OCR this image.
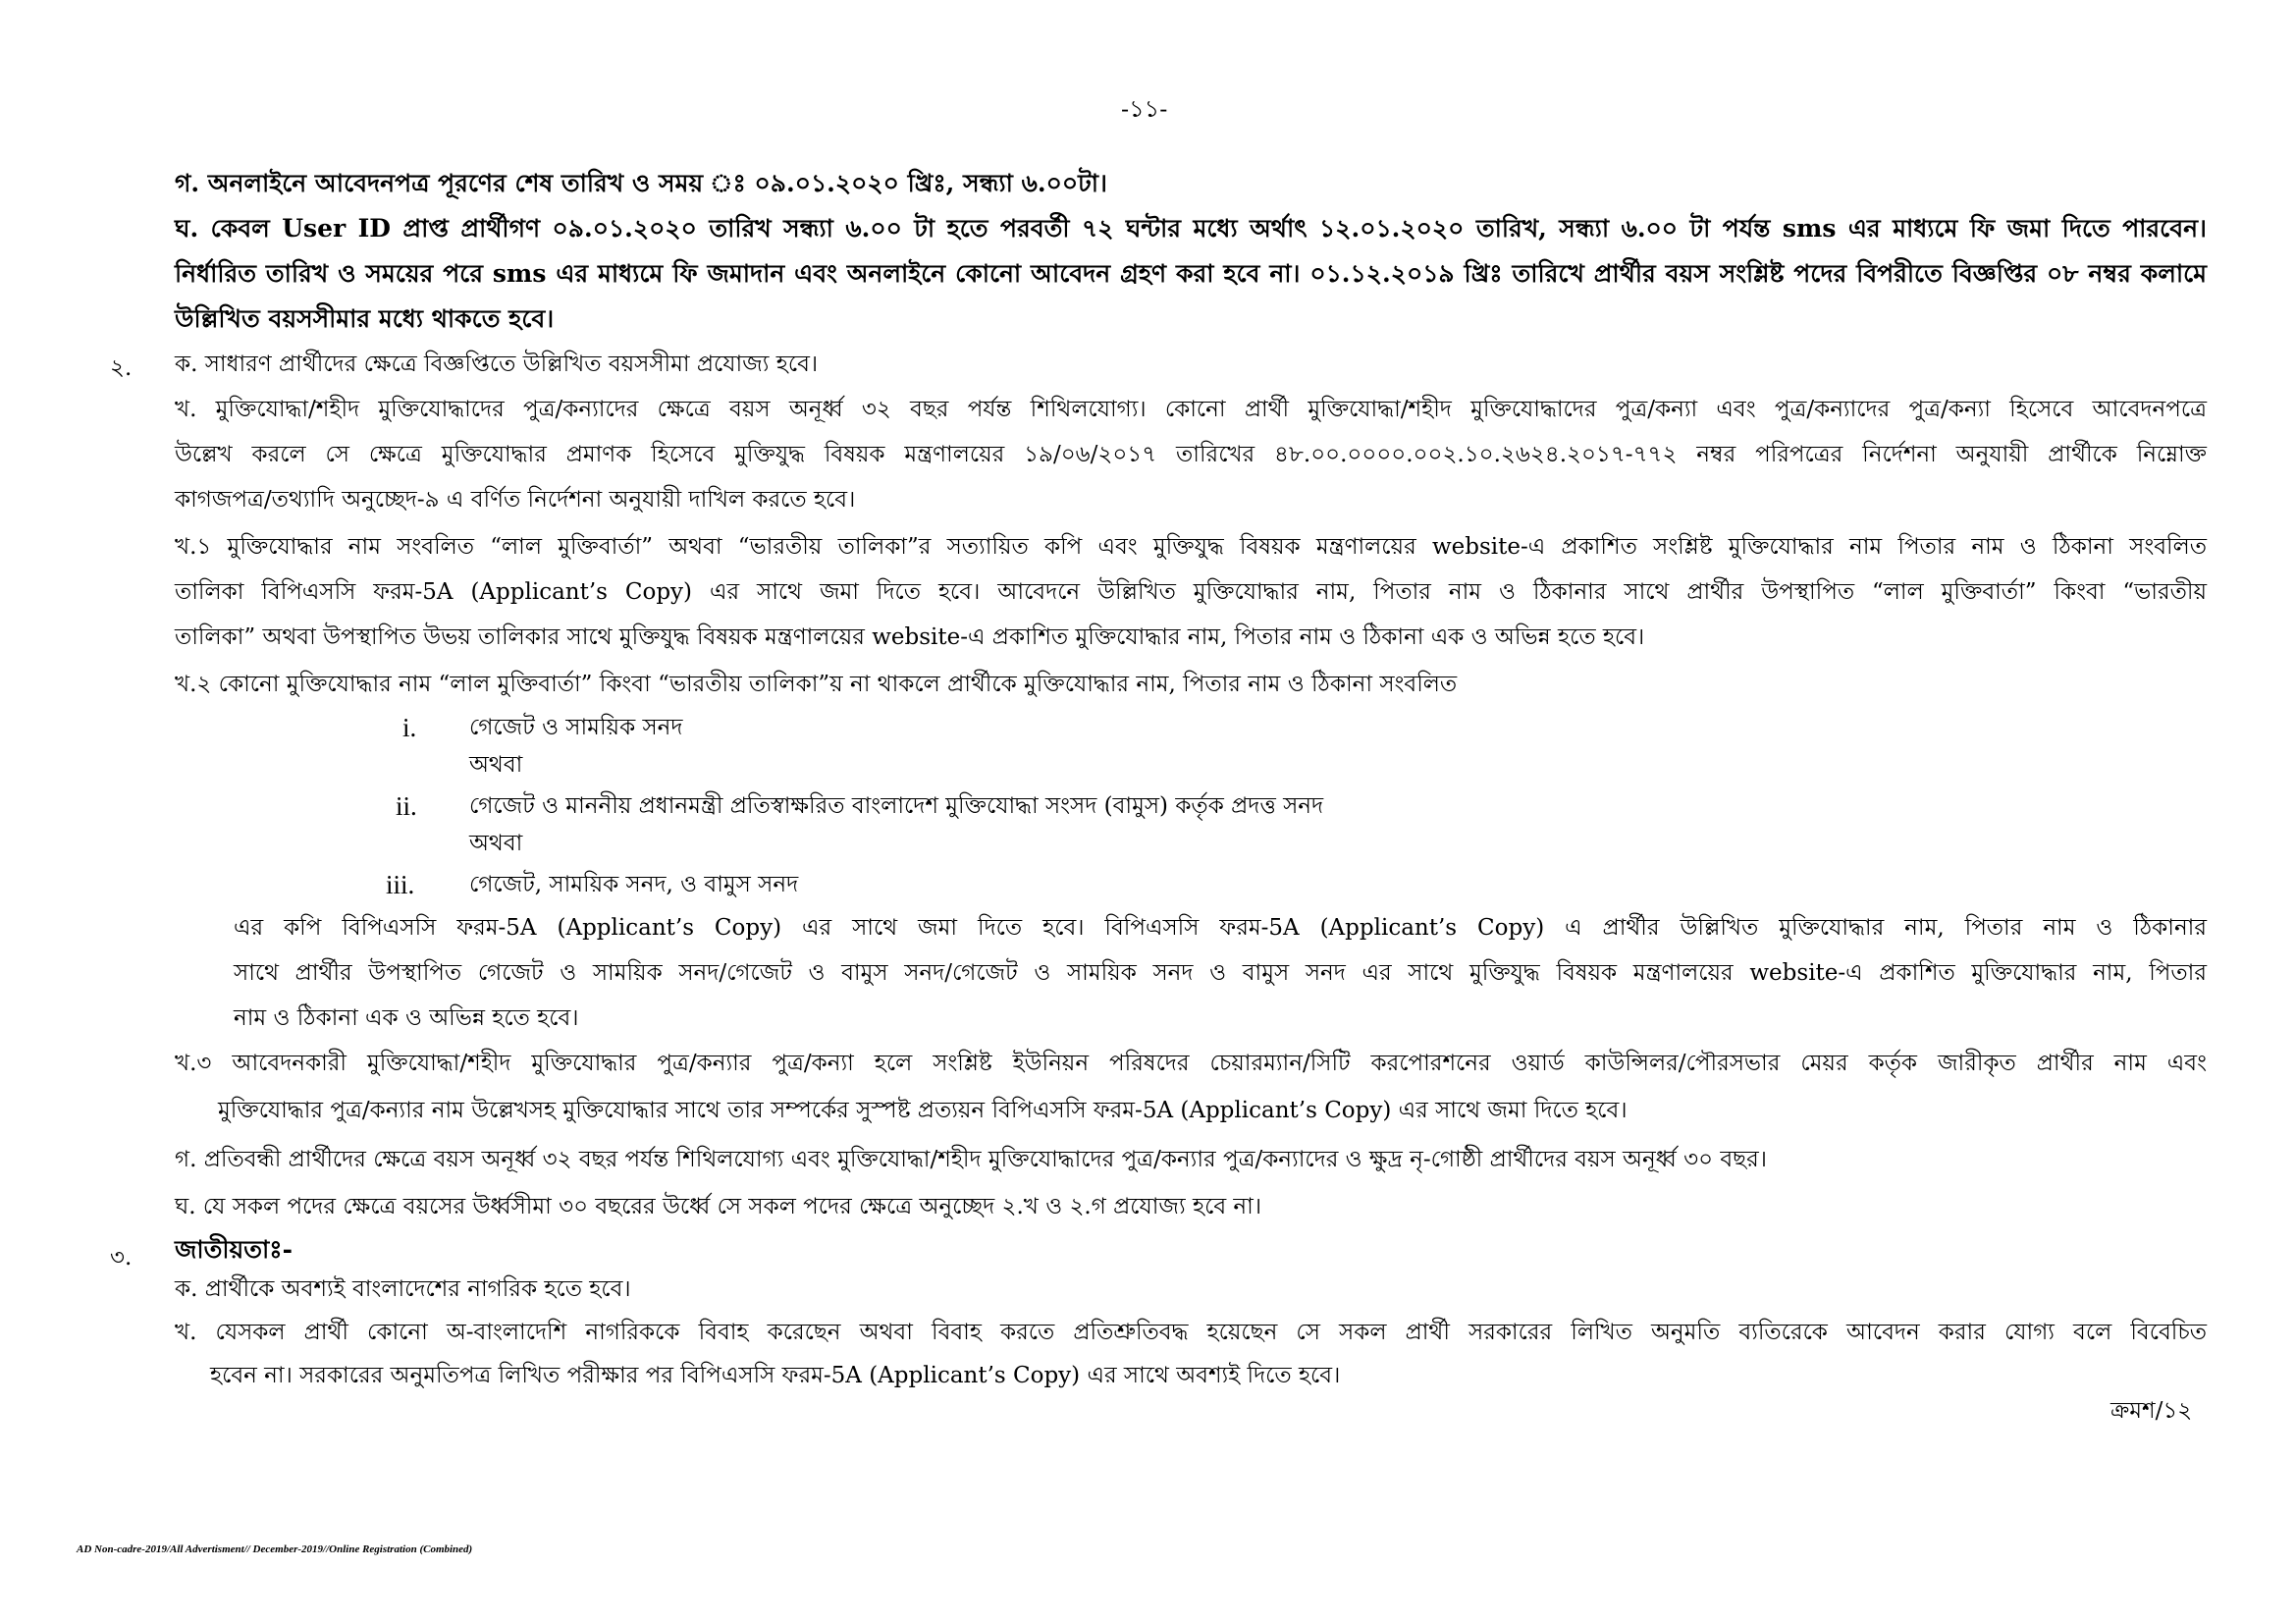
-১১-
গ. অনলাইনে আবেদনপত্র পূরণের শেষ তারিখ ও সময় ঃ ০৯.০১.২০২০ খ্রিঃ, সন্ধ্যা ৬.০০টা।
ঘ. কেবল User ID প্রাপ্ত প্রার্থীগণ ০৯.০১.২০২০ তারিখ সন্ধ্যা ৬.০০ টা হতে পরবর্তী ৭২ ঘন্টার মধ্যে অর্থাৎ ১২.০১.২০২০ তারিখ, সন্ধ্যা ৬.০০ টা পর্যন্ত sms এর মাধ্যমে ফি জমা দিতে পারবেন।
নির্ধারিত তারিখ ও সময়ের পরে sms এর মাধ্যমে ফি জমাদান এবং অনলাইনে কোনো আবেদন গ্রহণ করা হবে না। ০১.১২.২০১৯ খ্রিঃ তারিখে প্রার্থীর বয়স সংশ্লিষ্ট পদের বিপরীতে বিজ্ঞপ্তির ০৮ নম্বর কলামে
উল্লিখিত বয়সসীমার মধ্যে থাকতে হবে।
২. ক. সাধারণ প্রার্থীদের ক্ষেত্রে বিজ্ঞপ্তিতে উল্লিখিত বয়সসীমা প্রযোজ্য হবে।
খ. মুক্তিযোদ্ধা/শহীদ মুক্তিযোদ্ধাদের পুত্র/কন্যাদের ক্ষেত্রে বয়স অনূর্ধ্ব ৩২ বছর পর্যন্ত শিথিলযোগ্য। কোনো প্রার্থী মুক্তিযোদ্ধা/শহীদ মুক্তিযোদ্ধাদের পুত্র/কন্যা এবং পুত্র/কন্যাদের পুত্র/কন্যা হিসেবে আবেদনপত্রে
উল্লেখ করলে সে ক্ষেত্রে মুক্তিযোদ্ধার প্রমাণক হিসেবে মুক্তিযুদ্ধ বিষয়ক মন্ত্রণালয়ের ১৯/০৬/২০১৭ তারিখের ৪৮.০০.০০০০.০০২.১০.২৬২৪.২০১৭-৭৭২ নম্বর পরিপত্রের নির্দেশনা অনুযায়ী প্রার্থীকে নিম্নোক্ত
কাগজপত্র/তথ্যাদি অনুচ্ছেদ-৯ এ বর্ণিত নির্দেশনা অনুযায়ী দাখিল করতে হবে।
খ.১ মুক্তিযোদ্ধার নাম সংবলিত “লাল মুক্তিবার্তা” অথবা “ভারতীয় তালিকা”র সত্যায়িত কপি এবং মুক্তিযুদ্ধ বিষয়ক মন্ত্রণালয়ের website-এ প্রকাশিত সংশ্লিষ্ট মুক্তিযোদ্ধার নাম পিতার নাম ও ঠিকানা সংবলিত
তালিকা বিপিএসসি ফরম-5A (Applicant’s Copy) এর সাথে জমা দিতে হবে। আবেদনে উল্লিখিত মুক্তিযোদ্ধার নাম, পিতার নাম ও ঠিকানার সাথে প্রার্থীর উপস্থাপিত “লাল মুক্তিবার্তা” কিংবা “ভারতীয়
তালিকা” অথবা উপস্থাপিত উভয় তালিকার সাথে মুক্তিযুদ্ধ বিষয়ক মন্ত্রণালয়ের website-এ প্রকাশিত মুক্তিযোদ্ধার নাম, পিতার নাম ও ঠিকানা এক ও অভিন্ন হতে হবে।
খ.২ কোনো মুক্তিযোদ্ধার নাম “লাল মুক্তিবার্তা” কিংবা “ভারতীয় তালিকা”য় না থাকলে প্রার্থীকে মুক্তিযোদ্ধার নাম, পিতার নাম ও ঠিকানা সংবলিত
i. গেজেট ও সাময়িক সনদ
অথবা
ii. গেজেট ও মাননীয় প্রধানমন্ত্রী প্রতিস্বাক্ষরিত বাংলাদেশ মুক্তিযোদ্ধা সংসদ (বামুস) কর্তৃক প্রদত্ত সনদ
অথবা
iii. গেজেট, সাময়িক সনদ, ও বামুস সনদ
এর কপি বিপিএসসি ফরম-5A (Applicant’s Copy) এর সাথে জমা দিতে হবে। বিপিএসসি ফরম-5A (Applicant’s Copy) এ প্রার্থীর উল্লিখিত মুক্তিযোদ্ধার নাম, পিতার নাম ও ঠিকানার
সাথে প্রার্থীর উপস্থাপিত গেজেট ও সাময়িক সনদ/গেজেট ও বামুস সনদ/গেজেট ও সাময়িক সনদ ও বামুস সনদ এর সাথে মুক্তিযুদ্ধ বিষয়ক মন্ত্রণালয়ের website-এ প্রকাশিত মুক্তিযোদ্ধার নাম, পিতার
নাম ও ঠিকানা এক ও অভিন্ন হতে হবে।
খ.৩ আবেদনকারী মুক্তিযোদ্ধা/শহীদ মুক্তিযোদ্ধার পুত্র/কন্যার পুত্র/কন্যা হলে সংশ্লিষ্ট ইউনিয়ন পরিষদের চেয়ারম্যান/সিটি করপোরশনের ওয়ার্ড কাউন্সিলর/পৌরসভার মেয়র কর্তৃক জারীকৃত প্রার্থীর নাম এবং
মুক্তিযোদ্ধার পুত্র/কন্যার নাম উল্লেখসহ মুক্তিযোদ্ধার সাথে তার সম্পর্কের সুস্পষ্ট প্রত্যয়ন বিপিএসসি ফরম-5A (Applicant’s Copy) এর সাথে জমা দিতে হবে।
গ. প্রতিবন্ধী প্রার্থীদের ক্ষেত্রে বয়স অনূর্ধ্ব ৩২ বছর পর্যন্ত শিথিলযোগ্য এবং মুক্তিযোদ্ধা/শহীদ মুক্তিযোদ্ধাদের পুত্র/কন্যার পুত্র/কন্যাদের ও ক্ষুদ্র নৃ-গোষ্ঠী প্রার্থীদের বয়স অনূর্ধ্ব ৩০ বছর।
ঘ. যে সকল পদের ক্ষেত্রে বয়সের উর্ধ্বসীমা ৩০ বছরের উর্ধ্বে সে সকল পদের ক্ষেত্রে অনুচ্ছেদ ২.খ ও ২.গ প্রযোজ্য হবে না।
৩. জাতীয়তাঃ-
ক. প্রার্থীকে অবশ্যই বাংলাদেশের নাগরিক হতে হবে।
খ. যেসকল প্রার্থী কোনো অ-বাংলাদেশি নাগরিককে বিবাহ করেছেন অথবা বিবাহ করতে প্রতিশ্রুতিবদ্ধ হয়েছেন সে সকল প্রার্থী সরকারের লিখিত অনুমতি ব্যতিরেকে আবেদন করার যোগ্য বলে বিবেচিত
হবেন না। সরকারের অনুমতিপত্র লিখিত পরীক্ষার পর বিপিএসসি ফরম-5A (Applicant’s Copy) এর সাথে অবশ্যই দিতে হবে।
ক্রমশ/১২
AD Non-cadre-2019/All Advertisment// December-2019//Online Registration (Combined)
